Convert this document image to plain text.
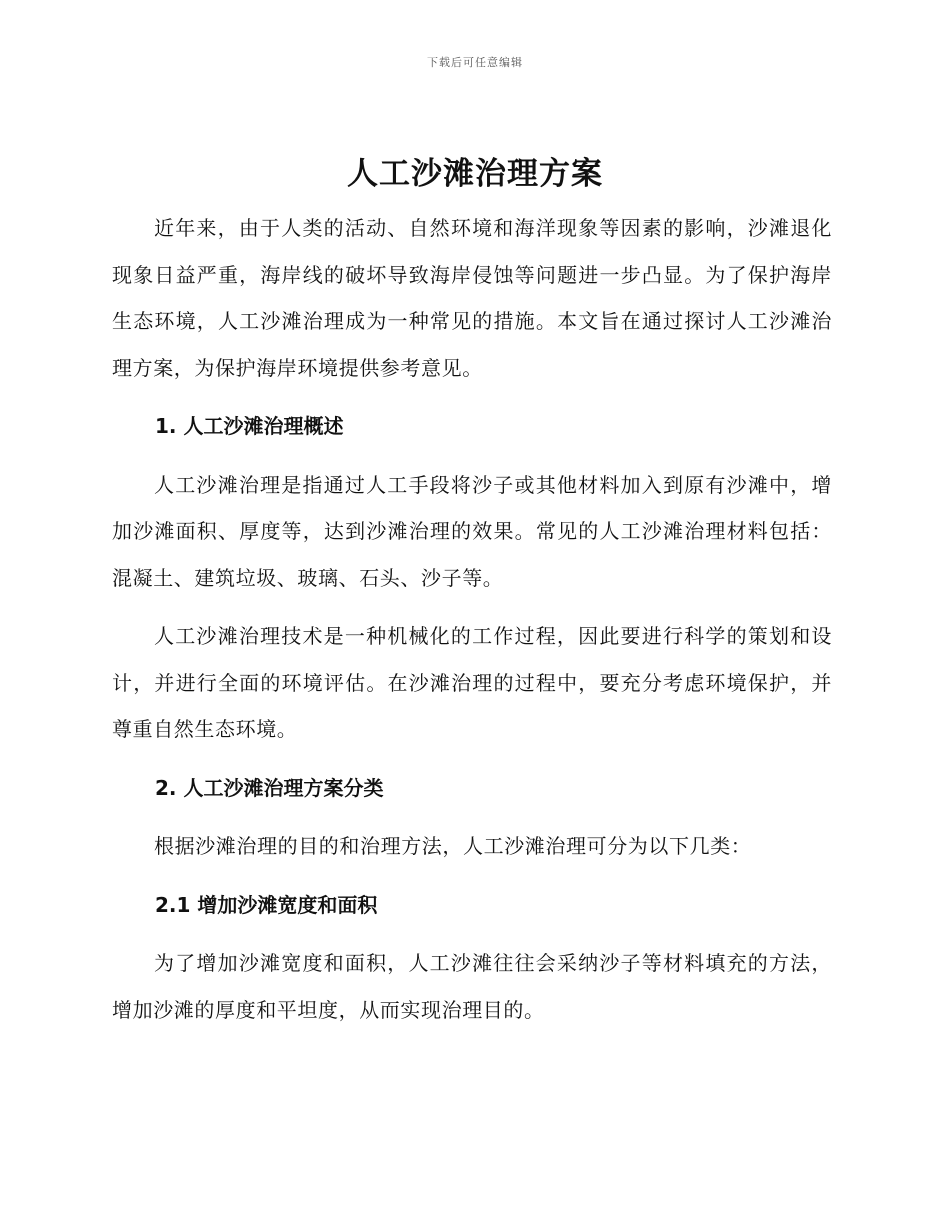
下载后可任意编辑
人工沙滩治理方案

近年来，由于人类的活动、自然环境和海洋现象等因素的影响，沙滩退化现象日益严重，海岸线的破坏导致海岸侵蚀等问题进一步凸显。为了保护海岸生态环境，人工沙滩治理成为一种常见的措施。本文旨在通过探讨人工沙滩治理方案，为保护海岸环境提供参考意见。

1. 人工沙滩治理概述

人工沙滩治理是指通过人工手段将沙子或其他材料加入到原有沙滩中，增加沙滩面积、厚度等，达到沙滩治理的效果。常见的人工沙滩治理材料包括：混凝土、建筑垃圾、玻璃、石头、沙子等。

人工沙滩治理技术是一种机械化的工作过程，因此要进行科学的策划和设计，并进行全面的环境评估。在沙滩治理的过程中，要充分考虑环境保护，并尊重自然生态环境。

2. 人工沙滩治理方案分类

根据沙滩治理的目的和治理方法，人工沙滩治理可分为以下几类：

2.1 增加沙滩宽度和面积

为了增加沙滩宽度和面积，人工沙滩往往会采纳沙子等材料填充的方法，增加沙滩的厚度和平坦度，从而实现治理目的。
